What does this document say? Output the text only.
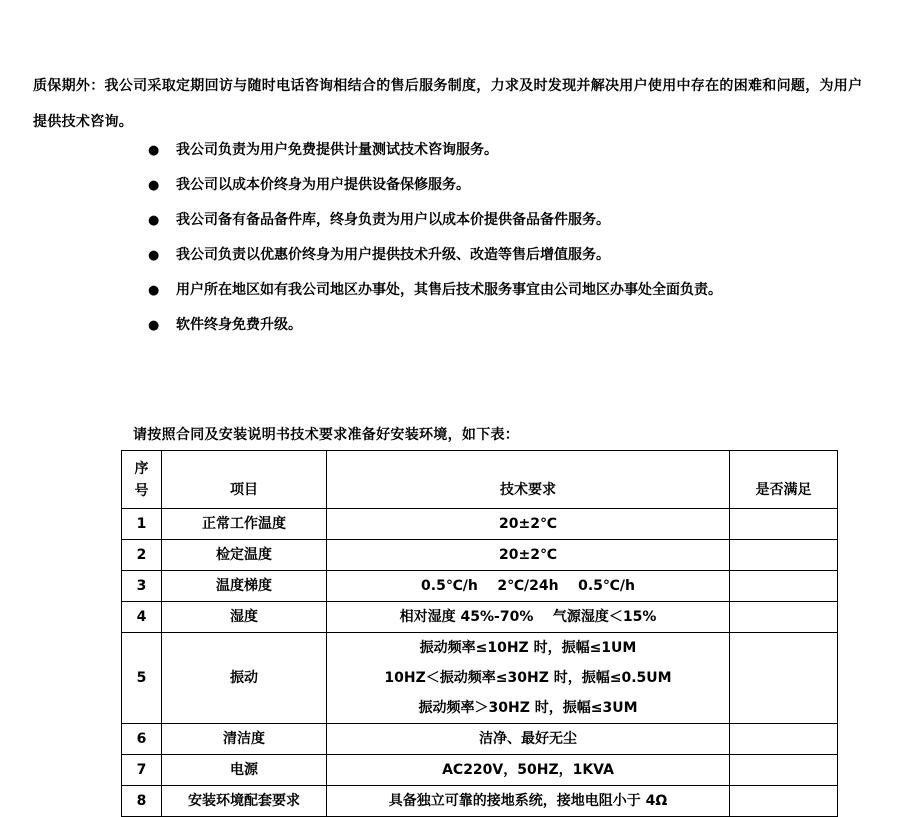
质保期外：我公司采取定期回访与随时电话咨询相结合的售后服务制度，力求及时发现并解决用户使用中存在的困难和问题，为用户提供技术咨询。
● 我公司负责为用户免费提供计量测试技术咨询服务。
● 我公司以成本价终身为用户提供设备保修服务。
● 我公司备有备品备件库，终身负责为用户以成本价提供备品备件服务。
● 我公司负责以优惠价终身为用户提供技术升级、改造等售后增值服务。
● 用户所在地区如有我公司地区办事处，其售后技术服务事宜由公司地区办事处全面负责。
● 软件终身免费升级。
请按照合同及安装说明书技术要求准备好安装环境，如下表：
序
号	项目	技术要求	是否满足
1	正常工作温度	20±2℃	
2	检定温度	20±2℃	
3	温度梯度	0.5℃/h    2℃/24h    0.5℃/h	
4	湿度	相对湿度 45%-70%    气源湿度＜15%	
5	振动	振动频率≤10HZ 时，振幅≤1UM
10HZ＜振动频率≤30HZ 时，振幅≤0.5UM
振动频率＞30HZ 时，振幅≤3UM	

6	清洁度	洁净、最好无尘	
7	电源	AC220V，50HZ，1KVA	
8	安装环境配套要求	具备独立可靠的接地系统，接地电阻小于 4Ω	
